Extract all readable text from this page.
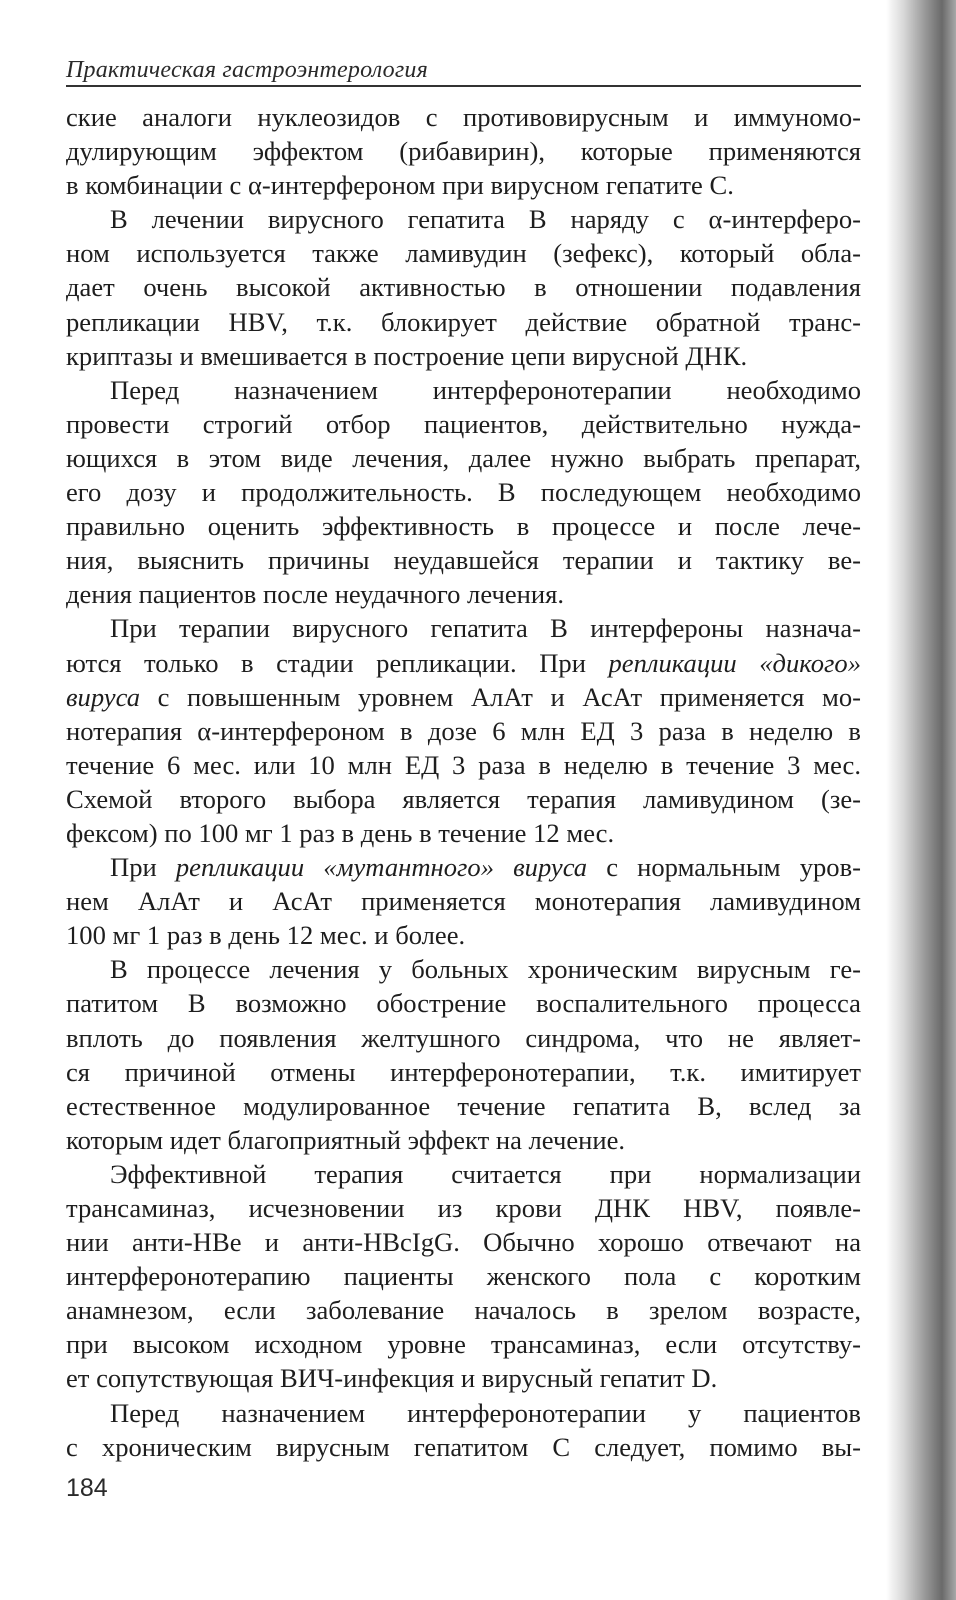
Практическая гастроэнтерология
ские аналоги нуклеозидов с противовирусным и иммуномо-
дулирующим эффектом (рибавирин), которые применяются
в комбинации с α-интерфероном при вирусном гепатите С.
В лечении вирусного гепатита В наряду с α-интерферо-
ном используется также ламивудин (зефекс), который обла-
дает очень высокой активностью в отношении подавления
репликации HBV, т.к. блокирует действие обратной транс-
криптазы и вмешивается в построение цепи вирусной ДНК.
Перед назначением интерферонотерапии необходимо
провести строгий отбор пациентов, действительно нужда-
ющихся в этом виде лечения, далее нужно выбрать препарат,
его дозу и продолжительность. В последующем необходимо
правильно оценить эффективность в процессе и после лече-
ния, выяснить причины неудавшейся терапии и тактику ве-
дения пациентов после неудачного лечения.
При терапии вирусного гепатита В интерфероны назнача-
ются только в стадии репликации. При репликации «дикого»
вируса с повышенным уровнем АлАт и АсАт применяется мо-
нотерапия α-интерфероном в дозе 6 млн ЕД 3 раза в неделю в
течение 6 мес. или 10 млн ЕД 3 раза в неделю в течение 3 мес.
Схемой второго выбора является терапия ламивудином (зе-
фексом) по 100 мг 1 раз в день в течение 12 мес.
При репликации «мутантного» вируса с нормальным уров-
нем АлАт и АсАт применяется монотерапия ламивудином
100 мг 1 раз в день 12 мес. и более.
В процессе лечения у больных хроническим вирусным ге-
патитом В возможно обострение воспалительного процесса
вплоть до появления желтушного синдрома, что не являет-
ся причиной отмены интерферонотерапии, т.к. имитирует
естественное модулированное течение гепатита В, вслед за
которым идет благоприятный эффект на лечение.
Эффективной терапия считается при нормализации
трансаминаз, исчезновении из крови ДНК HBV, появле-
нии анти-HBe и анти-HBcIgG. Обычно хорошо отвечают на
интерферонотерапию пациенты женского пола с коротким
анамнезом, если заболевание началось в зрелом возрасте,
при высоком исходном уровне трансаминаз, если отсутству-
ет сопутствующая ВИЧ-инфекция и вирусный гепатит D.
Перед назначением интерферонотерапии у пациентов
с хроническим вирусным гепатитом С следует, помимо вы-
184
